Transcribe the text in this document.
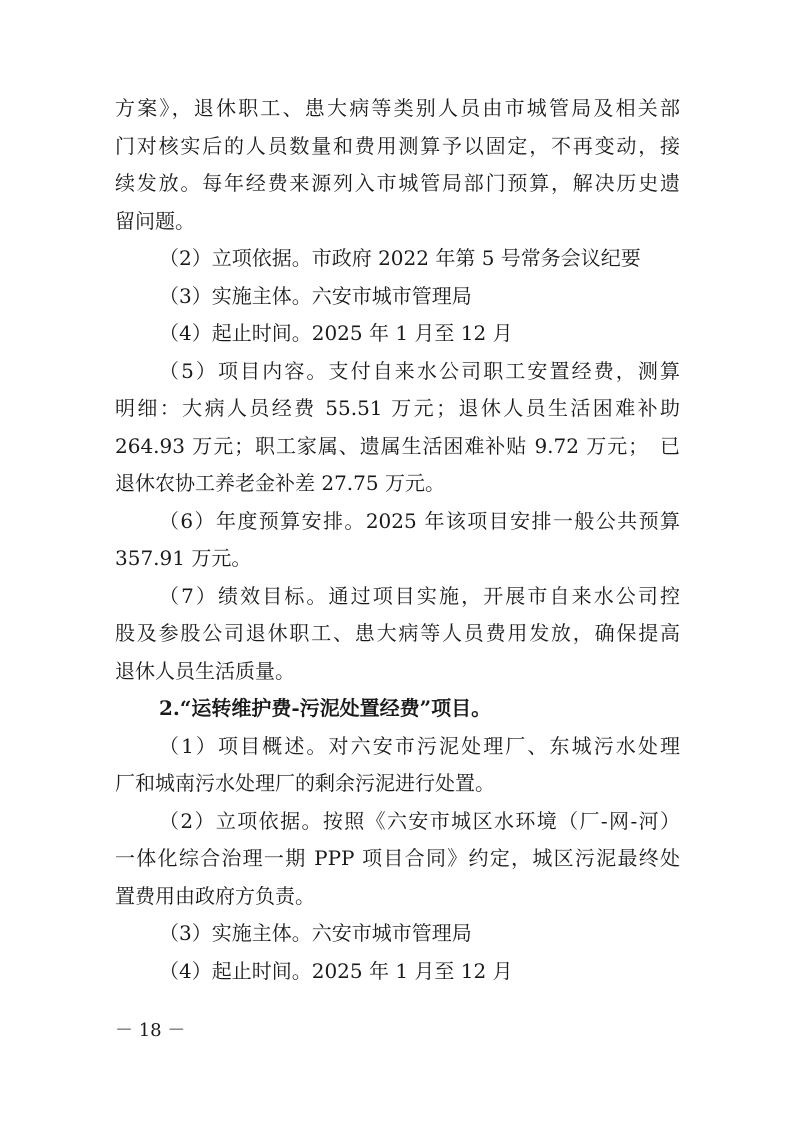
方案》，退休职工、患大病等类别人员由市城管局及相关部
门对核实后的人员数量和费用测算予以固定，不再变动，接
续发放。每年经费来源列入市城管局部门预算，解决历史遗
留问题。
（2）立项依据。市政府 2022 年第 5 号常务会议纪要
（3）实施主体。六安市城市管理局
（4）起止时间。2025 年 1 月至 12 月
（5）项目内容。支付自来水公司职工安置经费，测算
明细：大病人员经费 55.51 万元；退休人员生活困难补助
264.93 万元；职工家属、遗属生活困难补贴 9.72 万元；　已
退休农协工养老金补差 27.75 万元。
（6）年度预算安排。2025 年该项目安排一般公共预算
357.91 万元。
（7）绩效目标。通过项目实施，开展市自来水公司控
股及参股公司退休职工、患大病等人员费用发放，确保提高
退休人员生活质量。
2.“运转维护费-污泥处置经费”项目。
（1）项目概述。对六安市污泥处理厂、东城污水处理
厂和城南污水处理厂的剩余污泥进行处置。
（2）立项依据。按照《六安市城区水环境（厂-网-河）
一体化综合治理一期 PPP 项目合同》约定，城区污泥最终处
置费用由政府方负责。
（3）实施主体。六安市城市管理局
（4）起止时间。2025 年 1 月至 12 月
－ 18 －
